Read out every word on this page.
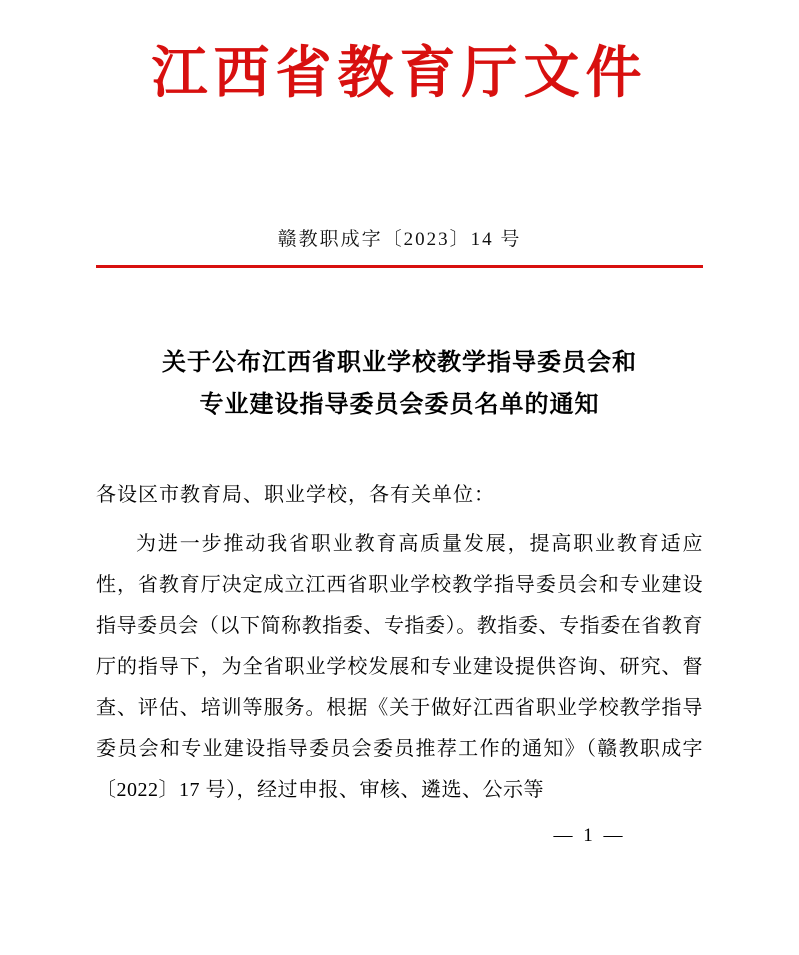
江西省教育厅文件
赣教职成字〔2023〕14 号
关于公布江西省职业学校教学指导委员会和
专业建设指导委员会委员名单的通知
各设区市教育局、职业学校，各有关单位：

为进一步推动我省职业教育高质量发展，提高职业教育适应性，省教育厅决定成立江西省职业学校教学指导委员会和专业建设指导委员会（以下简称教指委、专指委）。教指委、专指委在省教育厅的指导下，为全省职业学校发展和专业建设提供咨询、研究、督查、评估、培训等服务。根据《关于做好江西省职业学校教学指导委员会和专业建设指导委员会委员推荐工作的通知》（赣教职成字〔2022〕17 号），经过申报、审核、遴选、公示等

— 1 —
